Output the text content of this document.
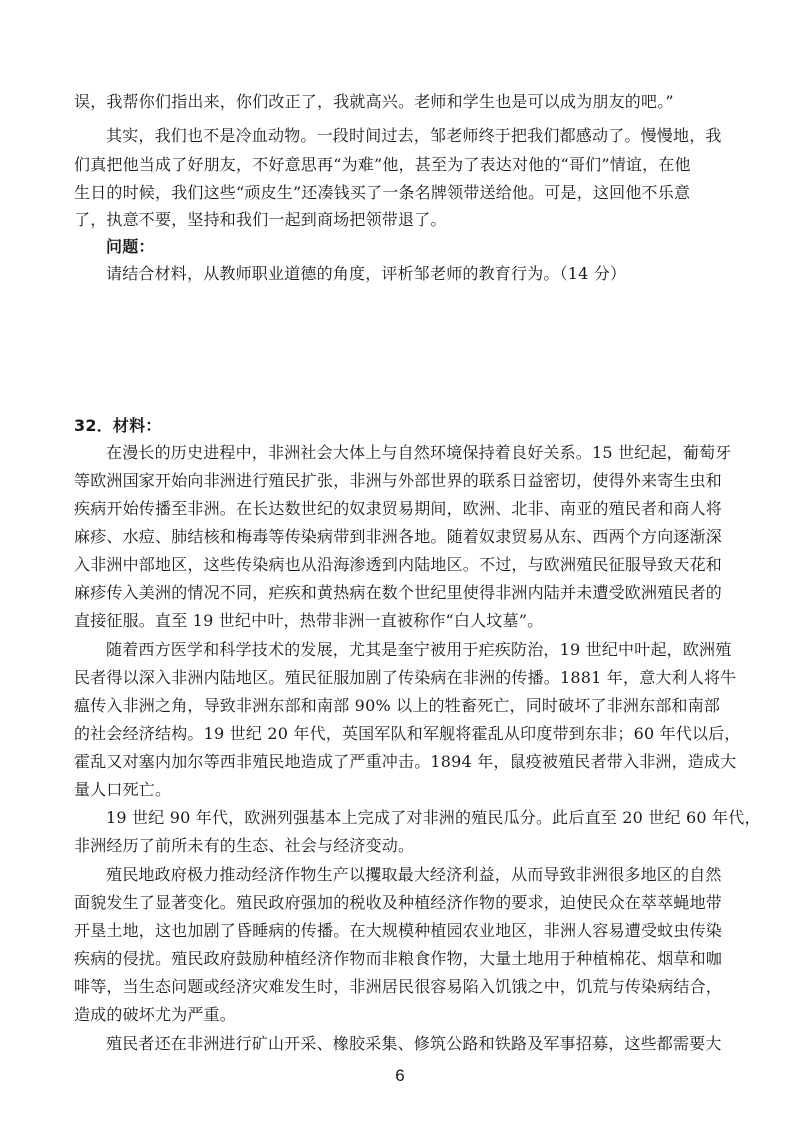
误，我帮你们指出来，你们改正了，我就高兴。老师和学生也是可以成为朋友的吧。”
其实，我们也不是冷血动物。一段时间过去，邹老师终于把我们都感动了。慢慢地，我
们真把他当成了好朋友，不好意思再“为难”他，甚至为了表达对他的“哥们”情谊，在他
生日的时候，我们这些“顽皮生”还凑钱买了一条名牌领带送给他。可是，这回他不乐意
了，执意不要，坚持和我们一起到商场把领带退了。
问题：
请结合材料，从教师职业道德的角度，评析邹老师的教育行为。（14 分）
32．材料：
在漫长的历史进程中，非洲社会大体上与自然环境保持着良好关系。15 世纪起，葡萄牙
等欧洲国家开始向非洲进行殖民扩张，非洲与外部世界的联系日益密切，使得外来寄生虫和
疾病开始传播至非洲。在长达数世纪的奴隶贸易期间，欧洲、北非、南亚的殖民者和商人将
麻疹、水痘、肺结核和梅毒等传染病带到非洲各地。随着奴隶贸易从东、西两个方向逐渐深
入非洲中部地区，这些传染病也从沿海渗透到内陆地区。不过，与欧洲殖民征服导致天花和
麻疹传入美洲的情况不同，疟疾和黄热病在数个世纪里使得非洲内陆并未遭受欧洲殖民者的
直接征服。直至 19 世纪中叶，热带非洲一直被称作“白人坟墓”。
随着西方医学和科学技术的发展，尤其是奎宁被用于疟疾防治，19 世纪中叶起，欧洲殖
民者得以深入非洲内陆地区。殖民征服加剧了传染病在非洲的传播。1881 年，意大利人将牛
瘟传入非洲之角，导致非洲东部和南部 90% 以上的牲畜死亡，同时破坏了非洲东部和南部
的社会经济结构。19 世纪 20 年代，英国军队和军舰将霍乱从印度带到东非；60 年代以后，
霍乱又对塞内加尔等西非殖民地造成了严重冲击。1894 年，鼠疫被殖民者带入非洲，造成大
量人口死亡。
19 世纪 90 年代，欧洲列强基本上完成了对非洲的殖民瓜分。此后直至 20 世纪 60 年代，
非洲经历了前所未有的生态、社会与经济变动。
殖民地政府极力推动经济作物生产以攫取最大经济利益，从而导致非洲很多地区的自然
面貌发生了显著变化。殖民政府强加的税收及种植经济作物的要求，迫使民众在萃萃蝇地带
开垦土地，这也加剧了昏睡病的传播。在大规模种植园农业地区，非洲人容易遭受蚊虫传染
疾病的侵扰。殖民政府鼓励种植经济作物而非粮食作物，大量土地用于种植棉花、烟草和咖
啡等，当生态问题或经济灾难发生时，非洲居民很容易陷入饥饿之中，饥荒与传染病结合，
造成的破坏尤为严重。
殖民者还在非洲进行矿山开采、橡胶采集、修筑公路和铁路及军事招募，这些都需要大
6
